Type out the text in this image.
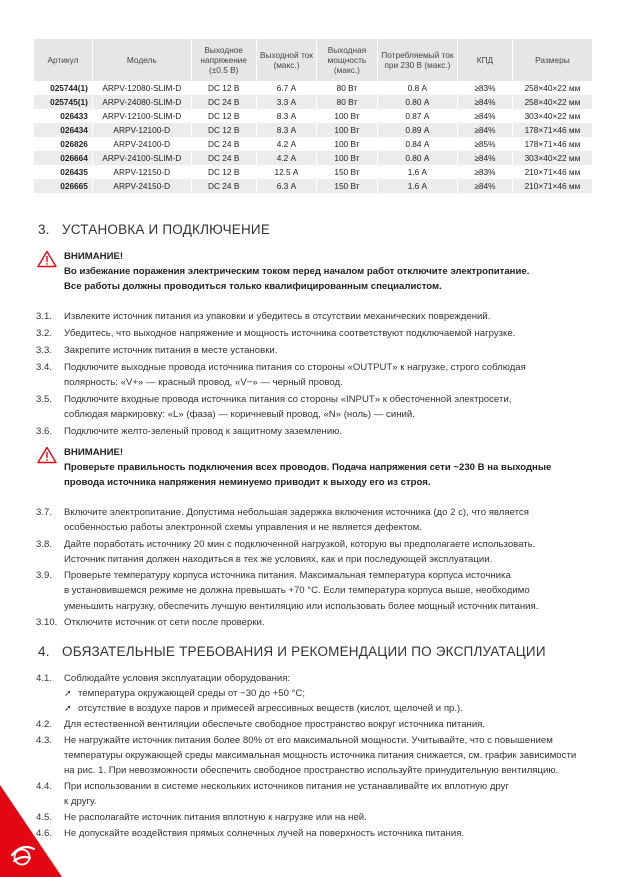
Артикул	Модель	Выходное напряжение (±0.5 В)	Выходной ток (макс.)	Выходная мощность (макс.)	Потребляемый ток при 230 В (макс.)	КПД	Размеры
025744(1)	ARPV-12080-SLIM-D	DC 12 В	6.7 А	80 Вт	0.8 А	≥83%	258×40×22 мм
025745(1)	ARPV-24080-SLIM-D	DC 24 В	3.3 А	80 Вт	0.80 А	≥84%	258×40×22 мм
026433	ARPV-12100-SLIM-D	DC 12 В	8.3 А	100 Вт	0.87 А	≥84%	303×40×22 мм
026434	ARPV-12100-D	DC 12 В	8.3 А	100 Вт	0.89 А	≥84%	178×71×46 мм
026826	ARPV-24100-D	DC 24 В	4.2 А	100 Вт	0.84 А	≥85%	178×71×46 мм
026664	ARPV-24100-SLIM-D	DC 24 В	4.2 А	100 Вт	0.80 А	≥84%	303×40×22 мм
026435	ARPV-12150-D	DC 12 В	12.5 А	150 Вт	1.6 А	≥83%	210×71×46 мм
026665	ARPV-24150-D	DC 24 В	6.3 А	150 Вт	1.6 А	≥84%	210×71×46 мм
3. УСТАНОВКА И ПОДКЛЮЧЕНИЕ
ВНИМАНИЕ!
Во избежание поражения электрическим током перед началом работ отключите электропитание.
Все работы должны проводиться только квалифицированным специалистом.
3.1. Извлеките источник питания из упаковки и убедитесь в отсутствии механических повреждений.
3.2. Убедитесь, что выходное напряжение и мощность источника соответствуют подключаемой нагрузке.
3.3. Закрепите источник питания в месте установки.
3.4. Подключите выходные провода источника питания со стороны «OUTPUT» к нагрузке, строго соблюдая
полярность: «V+» — красный провод, «V−» — черный провод.
3.5. Подключите входные провода источника питания со стороны «INPUT» к обесточенной электросети,
соблюдая маркировку: «L» (фаза) — коричневый провод, «N» (ноль) — синий.
3.6. Подключите желто-зеленый провод к защитному заземлению.
ВНИМАНИЕ!
Проверьте правильность подключения всех проводов. Подача напряжения сети ~230 В на выходные
провода источника напряжения неминуемо приводит к выходу его из строя.
3.7. Включите электропитание. Допустима небольшая задержка включения источника (до 2 с), что является
особенностью работы электронной схемы управления и не является дефектом.
3.8. Дайте поработать источнику 20 мин с подключенной нагрузкой, которую вы предполагаете использовать.
Источник питания должен находиться в тех же условиях, как и при последующей эксплуатации.
3.9. Проверьте температуру корпуса источника питания. Максимальная температура корпуса источника
в установившемся режиме не должна превышать +70 °C. Если температура корпуса выше, необходимо
уменьшить нагрузку, обеспечить лучшую вентиляцию или использовать более мощный источник питания.
3.10. Отключите источник от сети после проверки.
4. ОБЯЗАТЕЛЬНЫЕ ТРЕБОВАНИЯ И РЕКОМЕНДАЦИИ ПО ЭКСПЛУАТАЦИИ
4.1. Соблюдайте условия эксплуатации оборудования:
➚ температура окружающей среды от −30 до +50 °C;
➚ отсутствие в воздухе паров и примесей агрессивных веществ (кислот, щелочей и пр.).
4.2. Для естественной вентиляции обеспечьте свободное пространство вокруг источника питания.
4.3. Не нагружайте источник питания более 80% от его максимальной мощности. Учитывайте, что с повышением
температуры окружающей среды максимальная мощность источника питания снижается, см. график зависимости
на рис. 1. При невозможности обеспечить свободное пространство используйте принудительную вентиляцию.
4.4. При использовании в системе нескольких источников питания не устанавливайте их вплотную друг
к другу.
4.5. Не располагайте источник питания вплотную к нагрузке или на ней.
4.6. Не допускайте воздействия прямых солнечных лучей на поверхность источника питания.
